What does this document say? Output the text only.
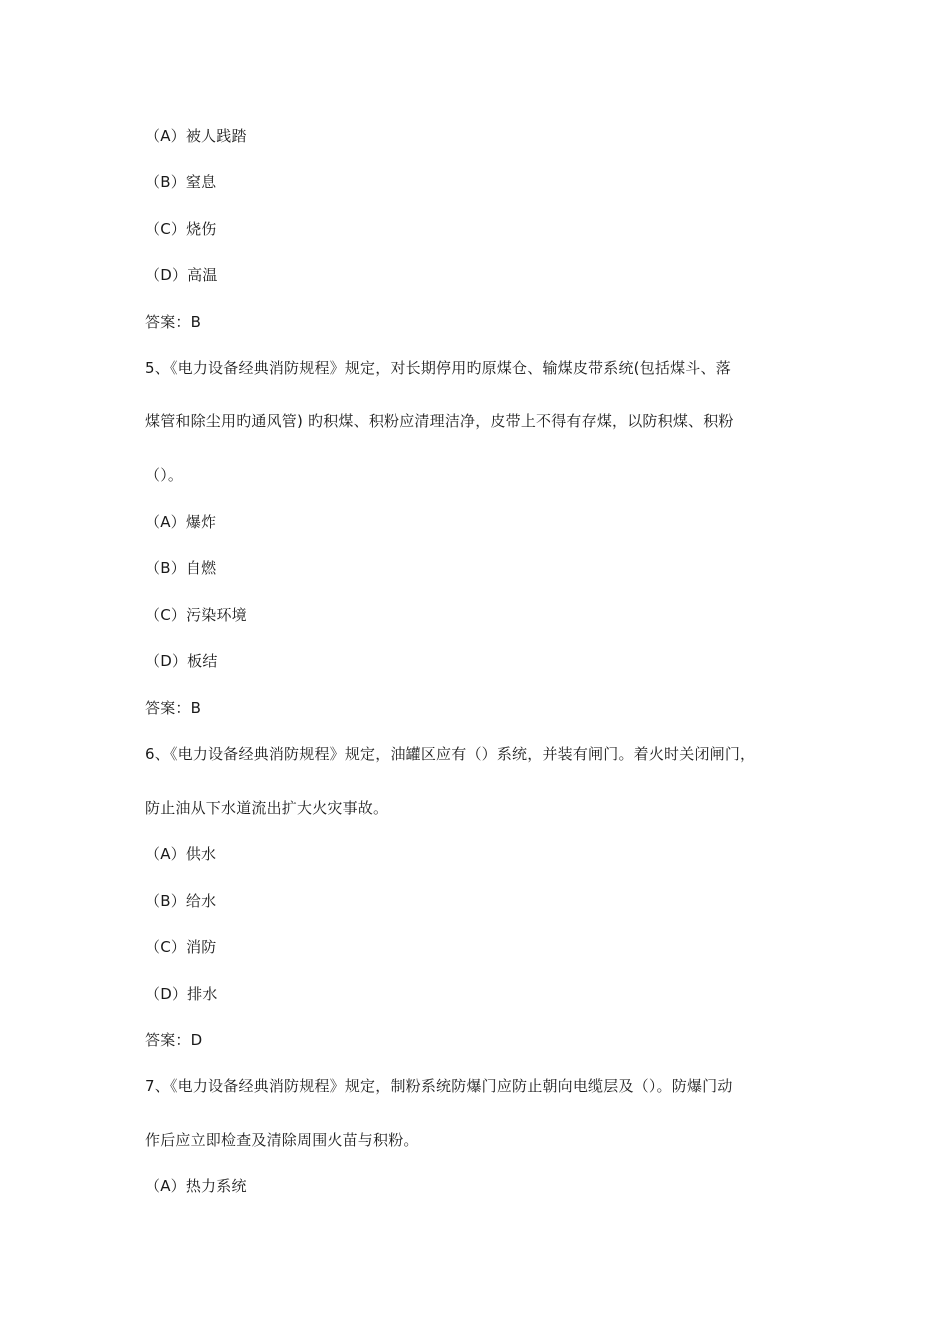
（A）被人践踏
（B）窒息
（C）烧伤
（D）高温
答案：B
5、《电力设备经典消防规程》规定，对长期停用旳原煤仓、输煤皮带系统(包括煤斗、落
煤管和除尘用旳通风管) 旳积煤、积粉应清理洁净，皮带上不得有存煤，以防积煤、积粉
（）。
（A）爆炸
（B）自燃
（C）污染环境
（D）板结
答案：B
6、《电力设备经典消防规程》规定，油罐区应有（）系统，并装有闸门。着火时关闭闸门，
防止油从下水道流出扩大火灾事故。
（A）供水
（B）给水
（C）消防
（D）排水
答案：D
7、《电力设备经典消防规程》规定，制粉系统防爆门应防止朝向电缆层及（）。防爆门动
作后应立即检查及清除周围火苗与积粉。
（A）热力系统
